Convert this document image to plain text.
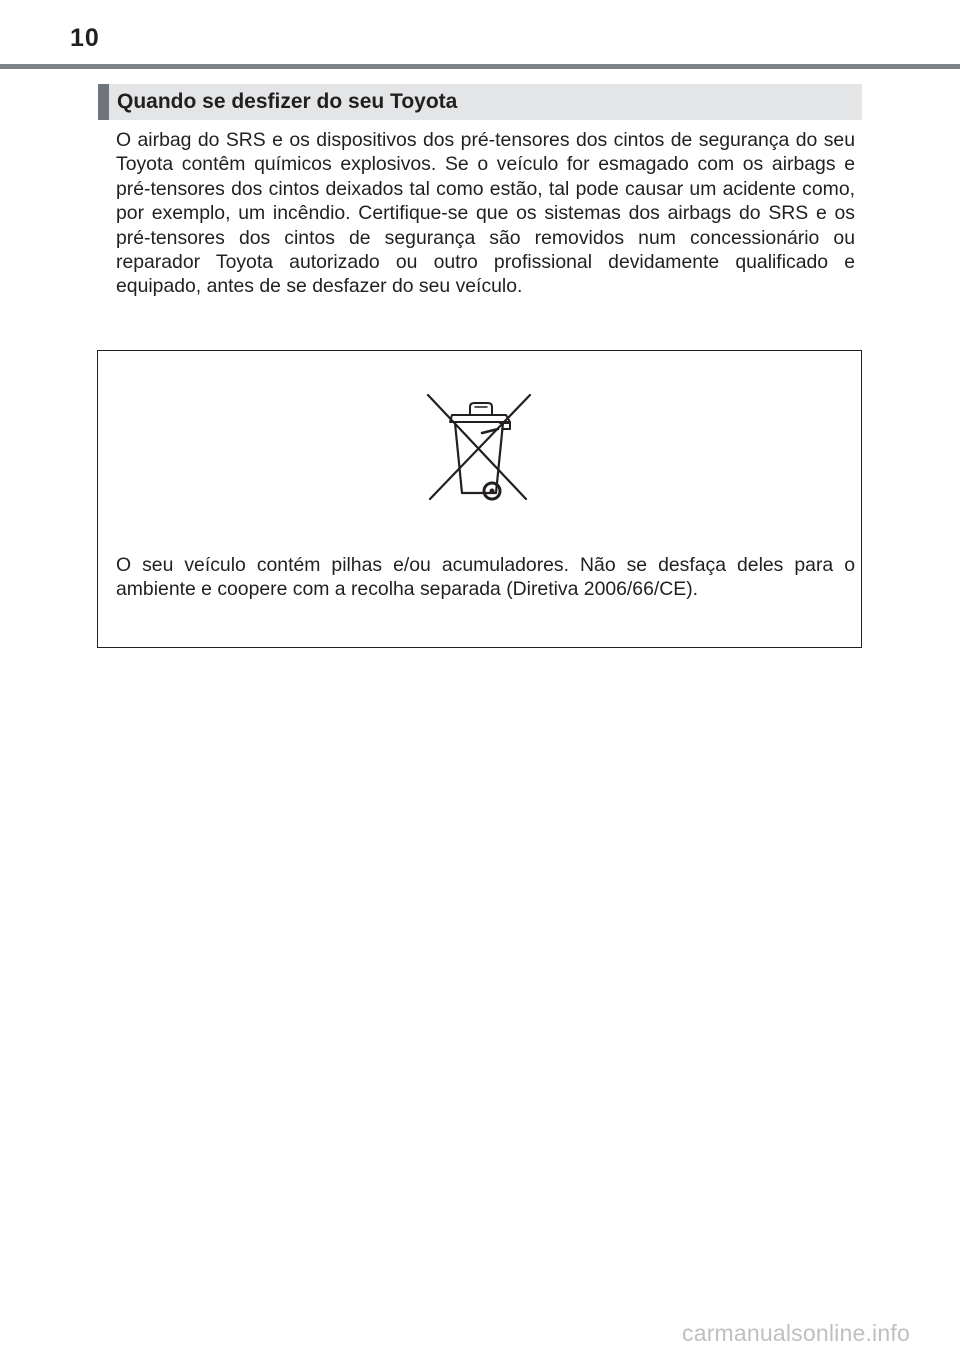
10
Quando se desfizer do seu Toyota

O airbag do SRS e os dispositivos dos pré-tensores dos cintos de segurança do seu Toyota contêm químicos explosivos. Se o veículo for esmagado com os airbags e pré-tensores dos cintos deixados tal como estão, tal pode causar um acidente como, por exemplo, um incêndio. Certifique-se que os sistemas dos airbags do SRS e os pré-tensores dos cintos de segurança são removidos num concessionário ou reparador Toyota autorizado ou outro profissional devidamente qualificado e equipado, antes de se desfazer do seu veículo.

O seu veículo contém pilhas e/ou acumuladores. Não se desfaça deles para o ambiente e coopere com a recolha separada (Diretiva 2006/66/CE).

carmanualsonline.info
